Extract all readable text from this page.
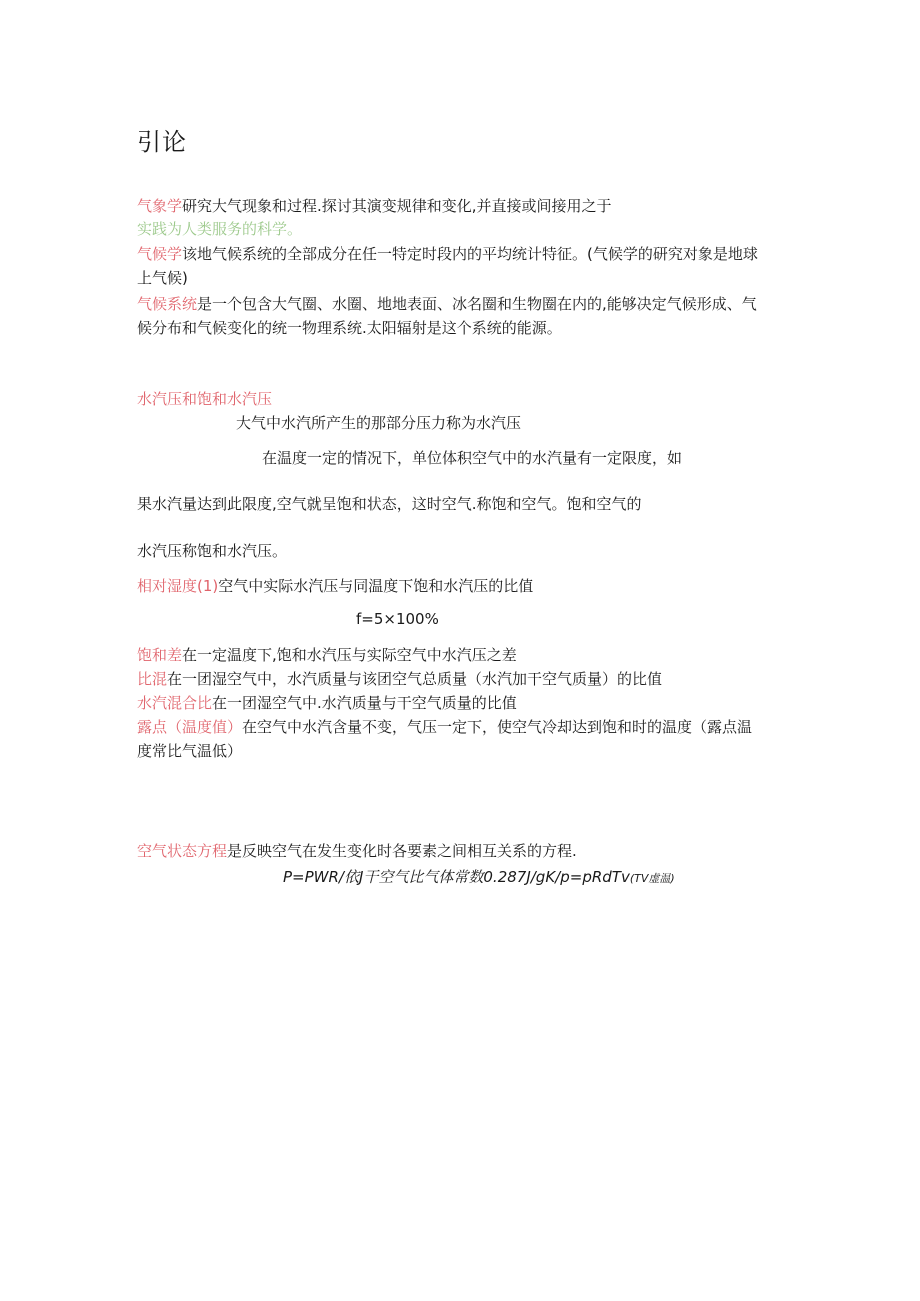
引论
气象学研究大气现象和过程.探讨其演变规律和变化,并直接或间接用之于
实践为人类服务的科学。
气候学该地气候系统的全部成分在任一特定时段内的平均统计特征。(气候学的研究对象是地球
上气候)
气候系统是一个包含大气圈、水圈、地地表面、冰名圈和生物圈在内的,能够决定气候形成、气
候分布和气候变化的统一物理系统.太阳辐射是这个系统的能源。
水汽压和饱和水汽压
大气中水汽所产生的那部分压力称为水汽压
在温度一定的情况下，单位体积空气中的水汽量有一定限度，如
果水汽量达到此限度,空气就呈饱和状态，这时空气.称饱和空气。饱和空气的
水汽压称饱和水汽压。
相对湿度(1)空气中实际水汽压与同温度下饱和水汽压的比值
f=5×100%
饱和差在一定温度下,饱和水汽压与实际空气中水汽压之差
比混在一团湿空气中，水汽质量与该团空气总质量（水汽加干空气质量）的比值
水汽混合比在一团湿空气中.水汽质量与干空气质量的比值
露点（温度值）在空气中水汽含量不变，气压一定下，使空气冷却达到饱和时的温度（露点温
度常比气温低）
空气状态方程是反映空气在发生变化时各要素之间相互关系的方程.
P=PWR/依J干空气比气体常数0.287J/gK/p=pRdTv(TV虚温)
